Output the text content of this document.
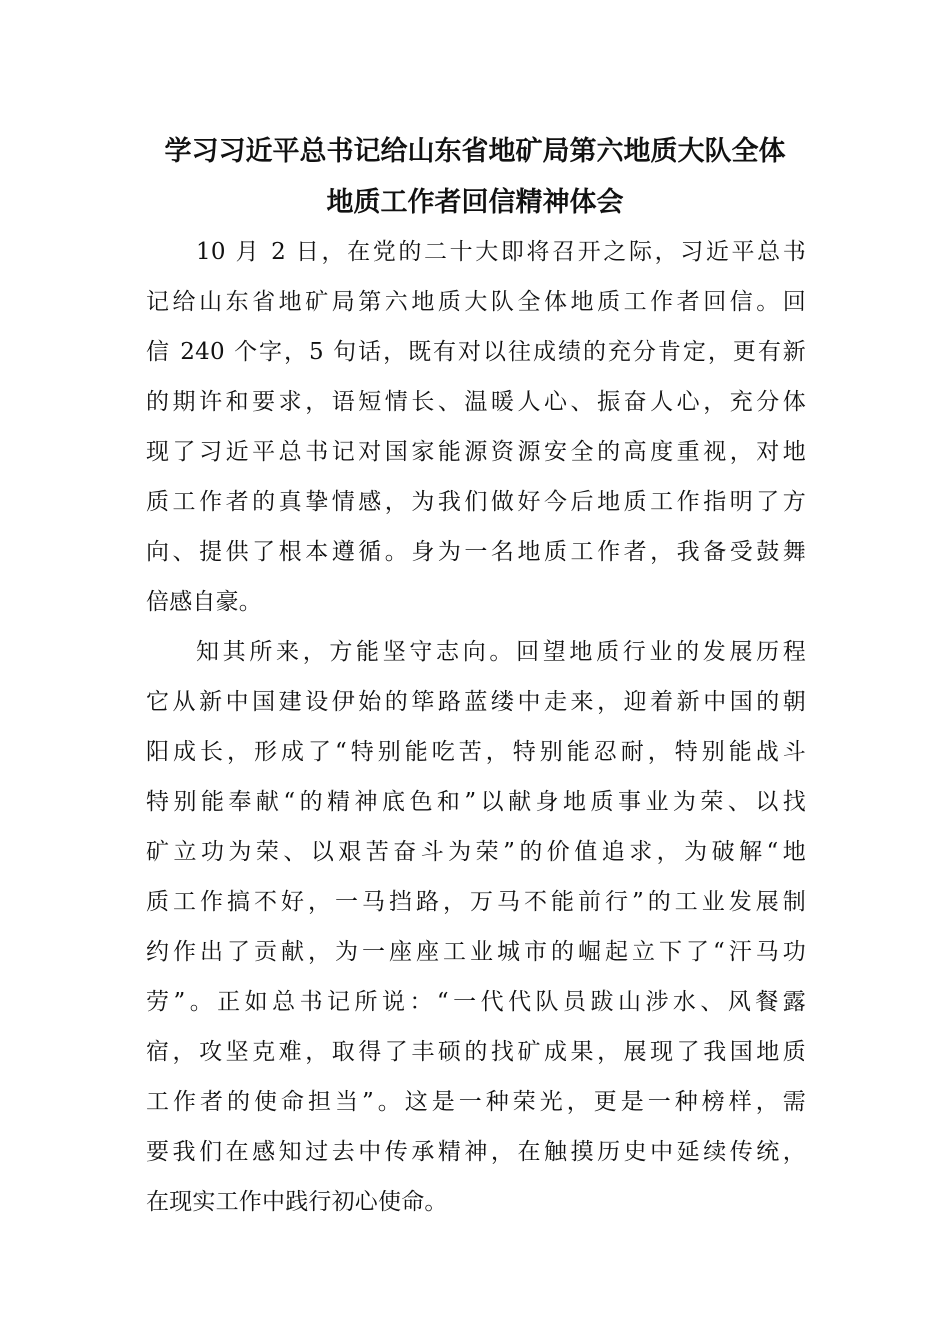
学习习近平总书记给山东省地矿局第六地质大队全体
地质工作者回信精神体会
10 月 2 日，在党的二十大即将召开之际，习近平总书
记给山东省地矿局第六地质大队全体地质工作者回信。回
信 240 个字，5 句话，既有对以往成绩的充分肯定，更有新
的期许和要求，语短情长、温暖人心、振奋人心，充分体
现了习近平总书记对国家能源资源安全的高度重视，对地
质工作者的真挚情感，为我们做好今后地质工作指明了方
向、提供了根本遵循。身为一名地质工作者，我备受鼓舞
倍感自豪。
知其所来，方能坚守志向。回望地质行业的发展历程
它从新中国建设伊始的筚路蓝缕中走来，迎着新中国的朝
阳成长，形成了“特别能吃苦，特别能忍耐，特别能战斗
特别能奉献“的精神底色和”以献身地质事业为荣、以找
矿立功为荣、以艰苦奋斗为荣”的价值追求，为破解“地
质工作搞不好，一马挡路，万马不能前行”的工业发展制
约作出了贡献，为一座座工业城市的崛起立下了“汗马功
劳”。正如总书记所说：“一代代队员跋山涉水、风餐露
宿，攻坚克难，取得了丰硕的找矿成果，展现了我国地质
工作者的使命担当”。这是一种荣光，更是一种榜样，需
要我们在感知过去中传承精神，在触摸历史中延续传统，
在现实工作中践行初心使命。
